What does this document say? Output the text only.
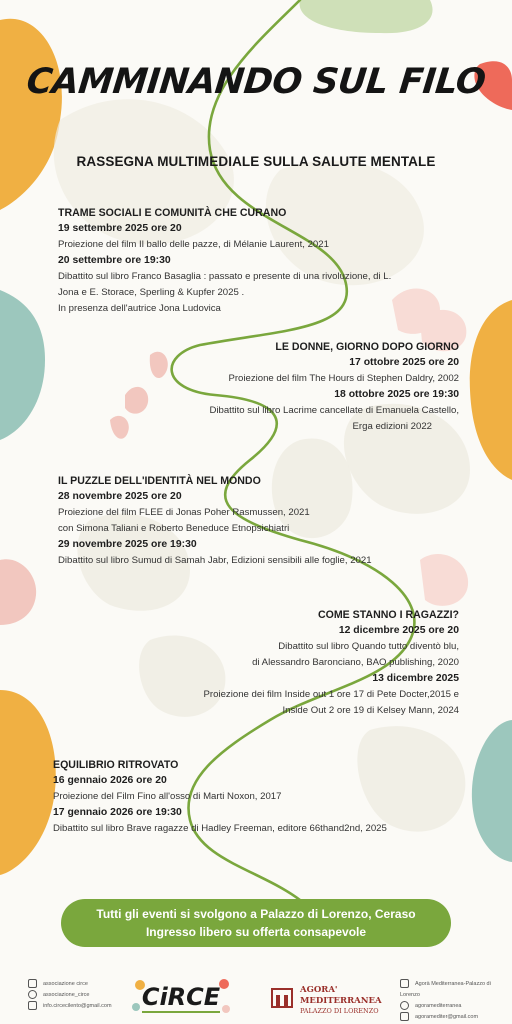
CAMMINANDO SUL FILO
RASSEGNA MULTIMEDIALE SULLA SALUTE MENTALE
TRAME SOCIALI E COMUNITÀ CHE CURANO
19 settembre 2025 ore 20
Proiezione del film Il ballo delle pazze, di Mélanie Laurent, 2021
20 settembre ore 19:30
Dibattito sul libro Franco Basaglia : passato e presente di una rivoluzione, di L.
Jona e E. Storace, Sperling & Kupfer 2025 .
In presenza dell'autrice Jona Ludovica
LE DONNE, GIORNO DOPO GIORNO
17 ottobre 2025 ore 20
Proiezione del film The Hours di Stephen Daldry, 2002
18 ottobre 2025 ore 19:30
Dibattito sul libro Lacrime cancellate di Emanuela Castello,
Erga edizioni 2022
IL PUZZLE DELL'IDENTITÀ NEL MONDO
28 novembre 2025 ore 20
Proiezione del film FLEE di Jonas Poher Rasmussen, 2021
con Simona Taliani e Roberto Beneduce Etnopsichiatri
29 novembre 2025 ore 19:30
Dibattito sul libro Sumud di Samah Jabr, Edizioni sensibili alle foglie, 2021
COME STANNO I RAGAZZI?
12 dicembre 2025 ore 20
Dibattito sul libro Quando tutto diventò blu,
di Alessandro Baronciano, BAO publishing, 2020
13 dicembre 2025
Proiezione dei film Inside out 1 ore 17 di Pete Docter,2015 e
Inside Out 2 ore 19 di Kelsey Mann, 2024
EQUILIBRIO RITROVATO
16 gennaio 2026 ore 20
Proiezione del Film Fino all'osso di Marti Noxon, 2017
17 gennaio 2026 ore 19:30
Dibattito sul libro Brave ragazze di Hadley Freeman, editore 66thand2nd, 2025
Tutti gli eventi si svolgono a Palazzo di Lorenzo, Ceraso
Ingresso libero su offerta consapevole
associazione circe
associazione_circe
info.circecilento@gmail.com
Agorà Mediterranea-Palazzo di Lorenzo
agoramediterranea
agoramediter@gmail.com
CiRCE	AGORA'
MEDITERRANEA
PALAZZO DI LORENZO
